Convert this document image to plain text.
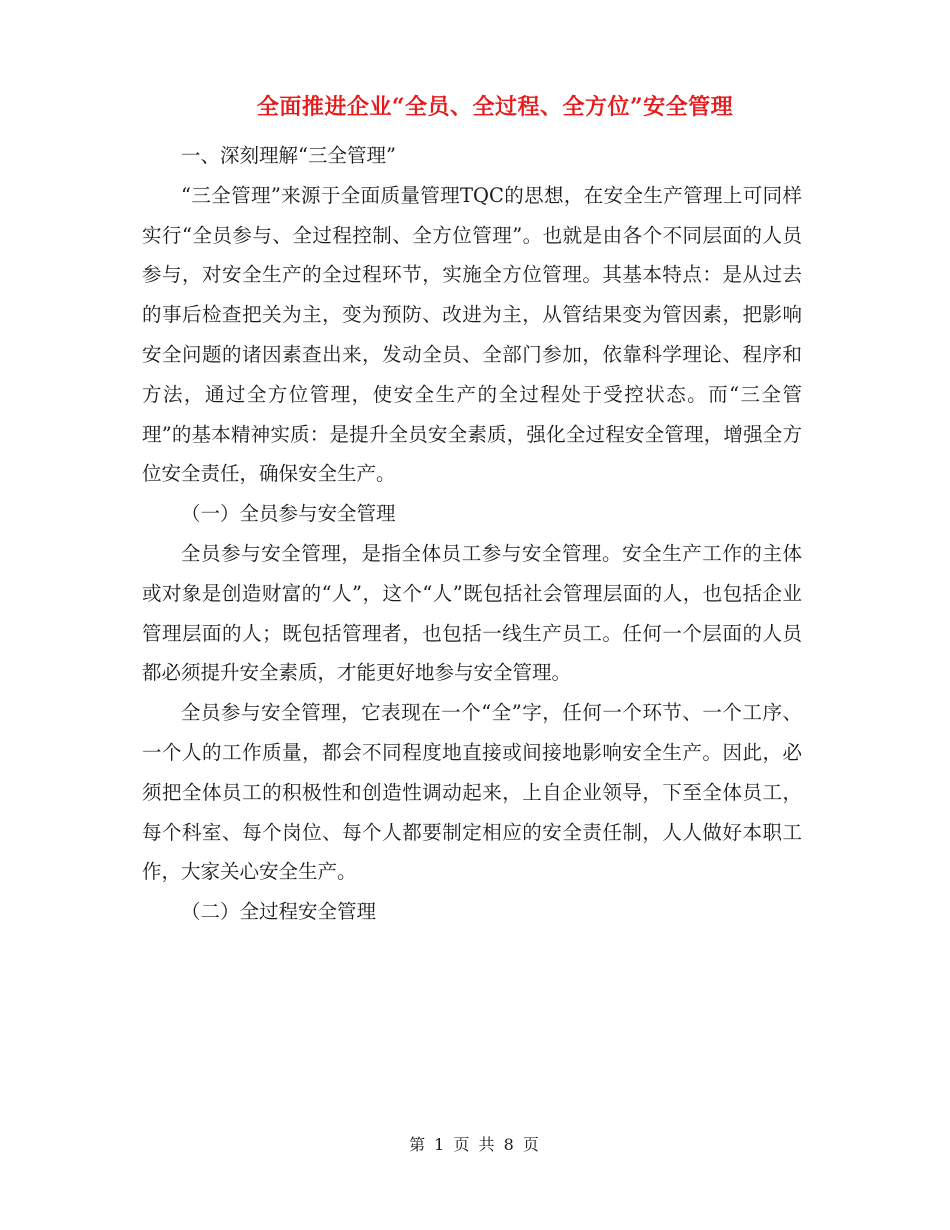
全面推进企业“全员、全过程、全方位”安全管理

一、深刻理解“三全管理”

“三全管理”来源于全面质量管理TQC的思想，在安全生产管理上可同样实行“全员参与、全过程控制、全方位管理”。也就是由各个不同层面的人员参与，对安全生产的全过程环节，实施全方位管理。其基本特点：是从过去的事后检查把关为主，变为预防、改进为主，从管结果变为管因素，把影响安全问题的诸因素查出来，发动全员、全部门参加，依靠科学理论、程序和方法，通过全方位管理，使安全生产的全过程处于受控状态。而“三全管理”的基本精神实质：是提升全员安全素质，强化全过程安全管理，增强全方位安全责任，确保安全生产。

（一）全员参与安全管理

全员参与安全管理，是指全体员工参与安全管理。安全生产工作的主体或对象是创造财富的“人”，这个“人”既包括社会管理层面的人，也包括企业管理层面的人；既包括管理者，也包括一线生产员工。任何一个层面的人员都必须提升安全素质，才能更好地参与安全管理。

全员参与安全管理，它表现在一个“全”字，任何一个环节、一个工序、一个人的工作质量，都会不同程度地直接或间接地影响安全生产。因此，必须把全体员工的积极性和创造性调动起来，上自企业领导，下至全体员工，每个科室、每个岗位、每个人都要制定相应的安全责任制，人人做好本职工作，大家关心安全生产。

（二）全过程安全管理

第 1 页 共 8 页
